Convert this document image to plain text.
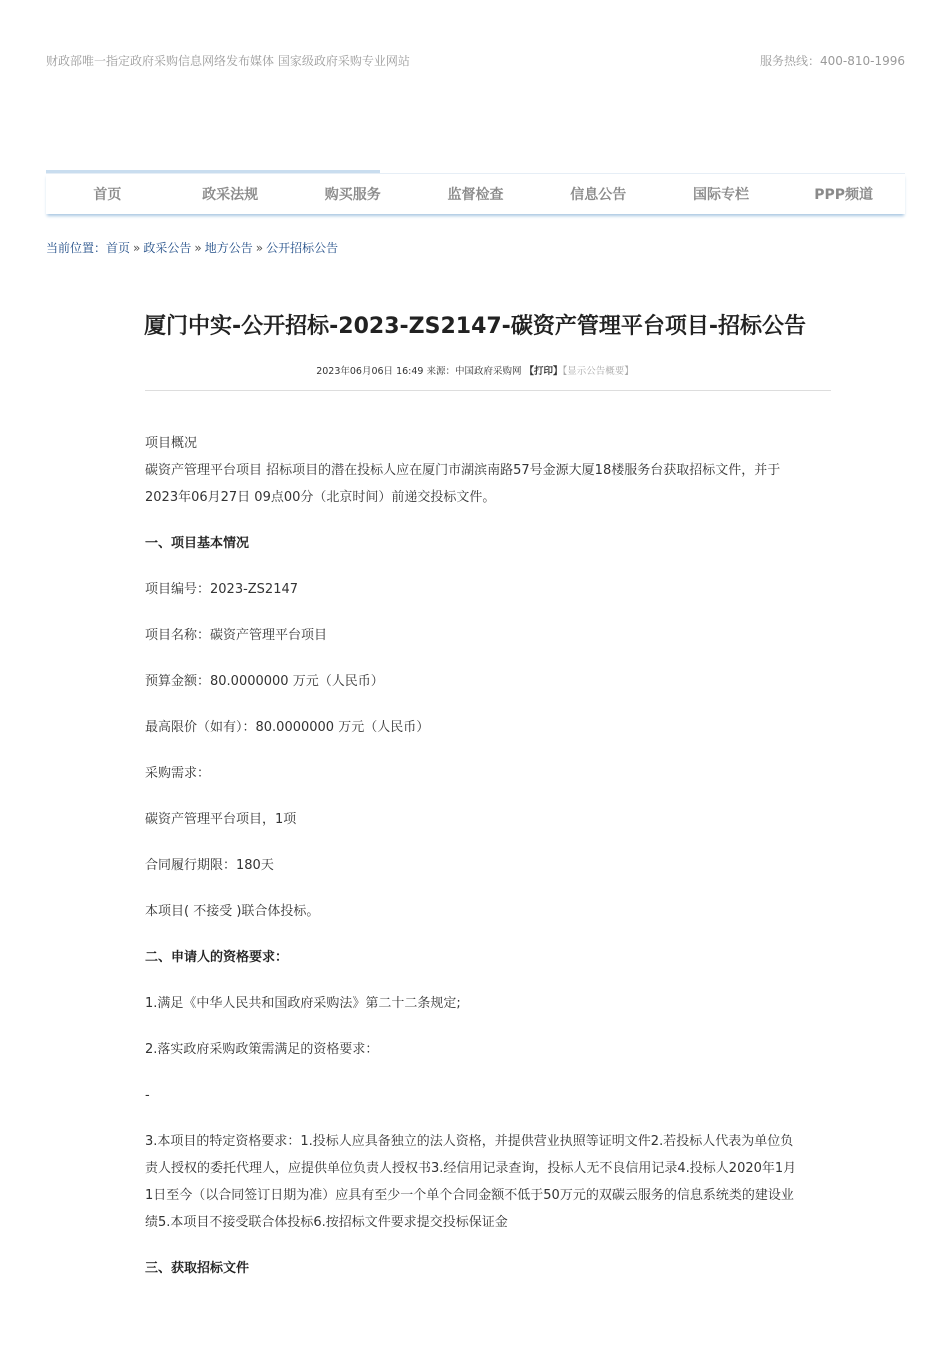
财政部唯一指定政府采购信息网络发布媒体 国家级政府采购专业网站	服务热线：400-810-1996
首页	政采法规	购买服务	监督检查	信息公告	国际专栏	PPP频道
当前位置：首页 » 政采公告 » 地方公告 » 公开招标公告
厦门中实-公开招标-2023-ZS2147-碳资产管理平台项目-招标公告
2023年06月06日 16:49 来源：中国政府采购网 【打印】【显示公告概要】

项目概况

碳资产管理平台项目 招标项目的潜在投标人应在厦门市湖滨南路57号金源大厦18楼服务台获取招标文件，并于

2023年06月27日 09点00分（北京时间）前递交投标文件。

一、项目基本情况

项目编号：2023-ZS2147

项目名称：碳资产管理平台项目

预算金额：80.0000000 万元（人民币）

最高限价（如有）：80.0000000 万元（人民币）

采购需求：

碳资产管理平台项目，1项

合同履行期限：180天

本项目( 不接受 )联合体投标。

二、申请人的资格要求：

1.满足《中华人民共和国政府采购法》第二十二条规定;

2.落实政府采购政策需满足的资格要求：

-

3.本项目的特定资格要求：1.投标人应具备独立的法人资格，并提供营业执照等证明文件2.若投标人代表为单位负

责人授权的委托代理人，应提供单位负责人授权书3.经信用记录查询，投标人无不良信用记录4.投标人2020年1月

1日至今（以合同签订日期为准）应具有至少一个单个合同金额不低于50万元的双碳云服务的信息系统类的建设业

绩5.本项目不接受联合体投标6.按招标文件要求提交投标保证金

三、获取招标文件
